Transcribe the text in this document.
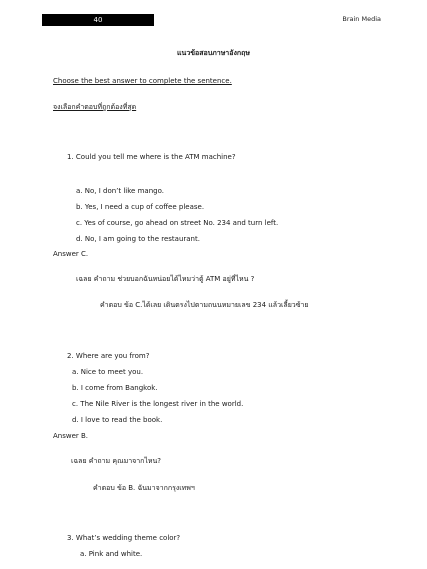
40	Brain Media
แนวข้อสอบภาษาอังกฤษ
Choose the best answer to complete the sentence.
จงเลือกคำตอบที่ถูกต้องที่สุด
1. Could you tell me where is the ATM machine?
a. No, I don’t like mango.
b. Yes, I need a cup of coffee please.
c. Yes of course, go ahead on street No. 234 and turn left.
d. No, I am going to the restaurant.
Answer C.
เฉลย คำถาม ช่วยบอกฉันหน่อยได้ไหมว่าตู้ ATM อยู่ที่ไหน ?
คำตอบ ข้อ C.ได้เลย เดินตรงไปตามถนนหมายเลข 234 แล้วเลี้ยวซ้าย
2. Where are you from?
a. Nice to meet you.
b. I come from Bangkok.
c. The Nile River is the longest river in the world.
d. I love to read the book.
Answer B.
เฉลย คำถาม คุณมาจากไหน?
คำตอบ ข้อ B. ฉันมาจากกรุงเทพฯ
3. What’s wedding theme color?
a. Pink and white.
